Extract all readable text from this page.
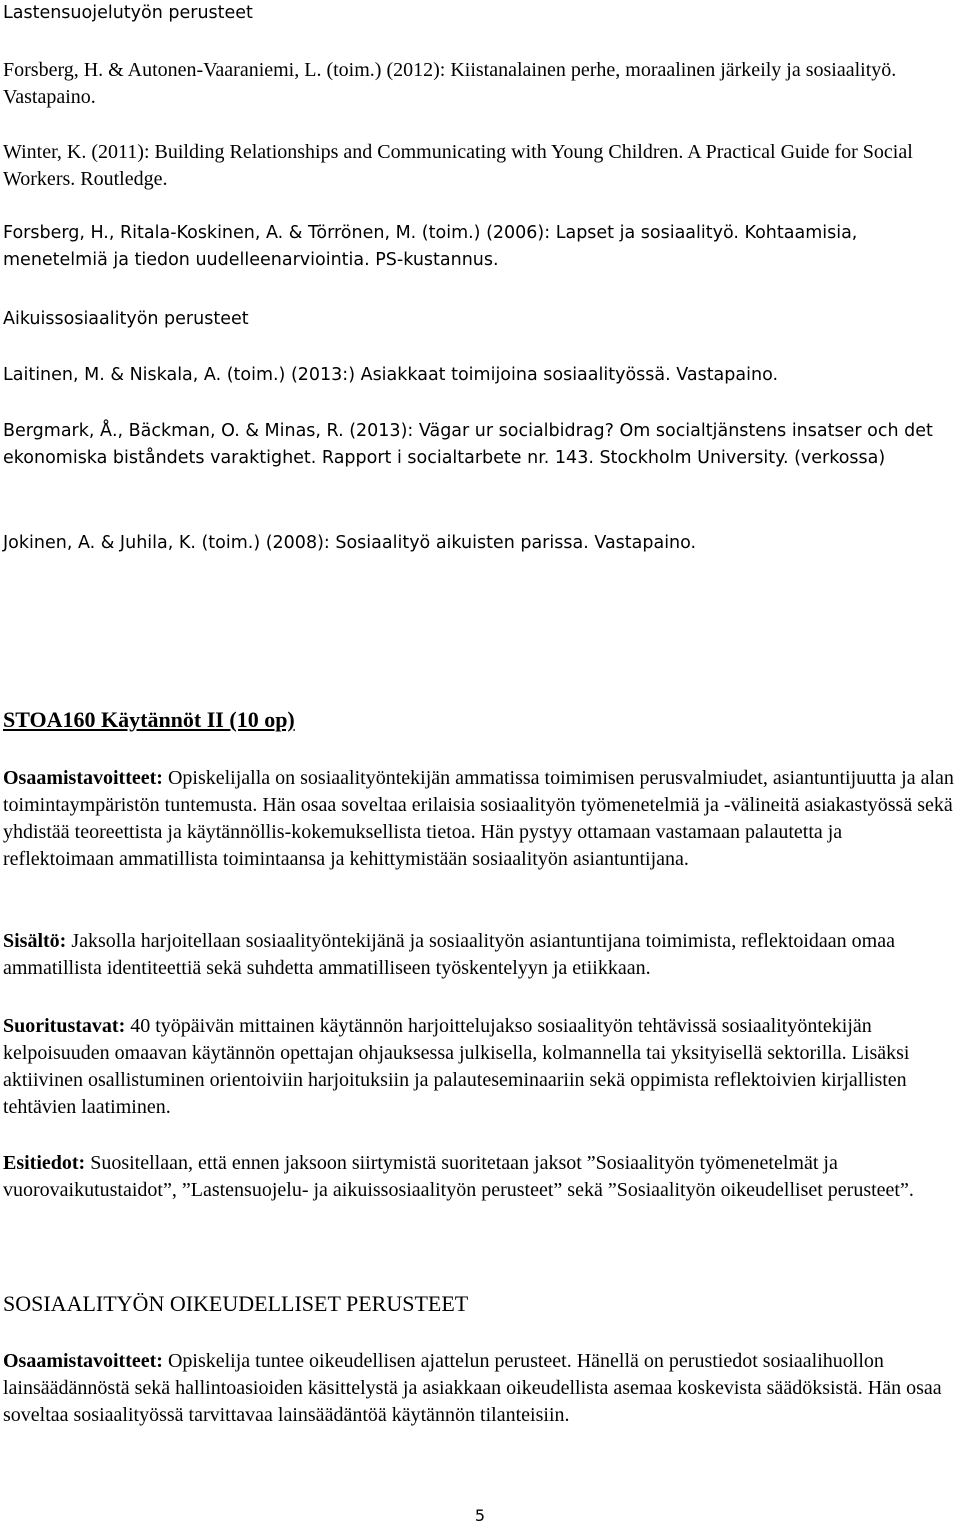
Lastensuojelutyön perusteet

Forsberg, H. & Autonen-Vaaraniemi, L. (toim.) (2012): Kiistanalainen perhe, moraalinen järkeily ja sosiaalityö. Vastapaino.

Winter, K. (2011): Building Relationships and Communicating with Young Children. A Practical Guide for Social Workers. Routledge.

Forsberg, H., Ritala-Koskinen, A. & Törrönen, M. (toim.) (2006): Lapset ja sosiaalityö. Kohtaamisia, menetelmiä ja tiedon uudelleenarviointia. PS-kustannus.

Aikuissosiaalityön perusteet

Laitinen, M. & Niskala, A. (toim.) (2013:) Asiakkaat toimijoina sosiaalityössä. Vastapaino.

Bergmark, Å., Bäckman, O. & Minas, R. (2013): Vägar ur socialbidrag? Om socialtjänstens insatser och det ekonomiska biståndets varaktighet. Rapport i socialtarbete nr. 143. Stockholm University. (verkossa)

Jokinen, A. & Juhila, K. (toim.) (2008): Sosiaalityö aikuisten parissa. Vastapaino.

STOA160 Käytännöt II (10 op)

Osaamistavoitteet: Opiskelijalla on sosiaalityöntekijän ammatissa toimimisen perusvalmiudet, asiantuntijuutta ja alan toimintaympäristön tuntemusta. Hän osaa soveltaa erilaisia sosiaalityön työmenetelmiä ja -välineitä asiakastyössä sekä yhdistää teoreettista ja käytännöllis-kokemuksellista tietoa. Hän pystyy ottamaan vastamaan palautetta ja reflektoimaan ammatillista toimintaansa ja kehittymistään sosiaalityön asiantuntijana.

Sisältö: Jaksolla harjoitellaan sosiaalityöntekijänä ja sosiaalityön asiantuntijana toimimista, reflektoidaan omaa ammatillista identiteettiä sekä suhdetta ammatilliseen työskentelyyn ja etiikkaan.

Suoritustavat: 40 työpäivän mittainen käytännön harjoittelujakso sosiaalityön tehtävissä sosiaalityöntekijän kelpoisuuden omaavan käytännön opettajan ohjauksessa julkisella, kolmannella tai yksityisellä sektorilla. Lisäksi aktiivinen osallistuminen orientoiviin harjoituksiin ja palauteseminaariin sekä oppimista reflektoivien kirjallisten tehtävien laatiminen.

Esitiedot: Suositellaan, että ennen jaksoon siirtymistä suoritetaan jaksot ”Sosiaalityön työmenetelmät ja vuorovaikutustaidot”, ”Lastensuojelu- ja aikuissosiaalityön perusteet” sekä ”Sosiaalityön oikeudelliset perusteet”.

SOSIAALITYÖN OIKEUDELLISET PERUSTEET

Osaamistavoitteet: Opiskelija tuntee oikeudellisen ajattelun perusteet. Hänellä on perustiedot sosiaalihuollon lainsäädännöstä sekä hallintoasioiden käsittelystä ja asiakkaan oikeudellista asemaa koskevista säädöksistä. Hän osaa soveltaa sosiaalityössä tarvittavaa lainsäädäntöä käytännön tilanteisiin.

5
